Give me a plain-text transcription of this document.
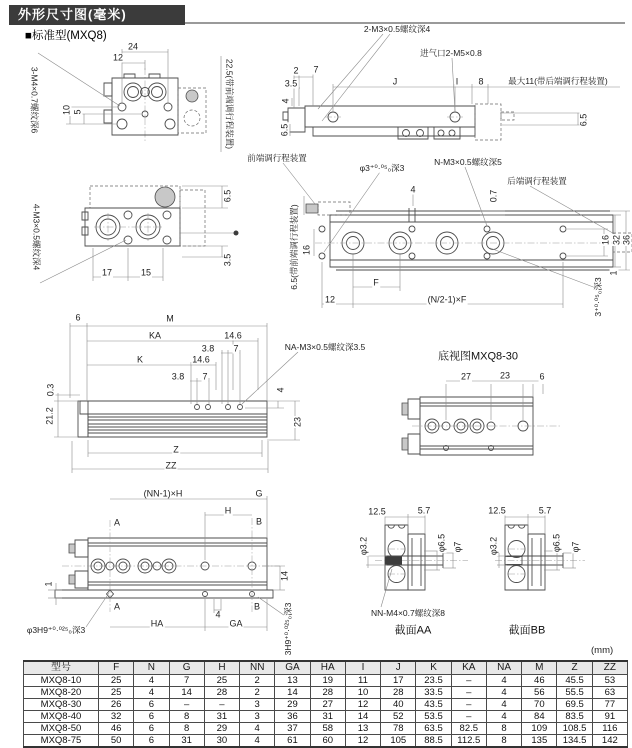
外形尺寸图(毫米)
■标准型(MXQ8)
24
12
10 5
3-M4×0.7螺纹深6	22.5(带前端调行程装置)
2-M3×0.5螺纹深4
进气口2-M5×0.8
2 7
3.5	J	I 8	最大11(带后端调行程装置)
4
6.5
6.5
4-M3×0.5螺纹深4
17	15
6.5
3.5
前端调行程装置
φ3⁺⁰·⁰⁵₀深3
N-M3×0.5螺纹深5
后端调行程装置
4
0.7
16
6.5(带前端调行程装置)	16 32 36
1
F
12	(N/2-1)×F	3⁺⁰·⁰⁵₀深3
6	M
KA	14.6
3.8 7
K	14.6
3.8 7
NA-M3×0.5螺纹深3.5
0.3
21.2
4
23
Z
ZZ
底视图MXQ8-30
27	23	6
(NN-1)×H	G
H
A	B
14
1
A	B
4
HA	GA
φ3H9⁺⁰·⁰²⁵₀深3	3H9⁺⁰·⁰²⁵₀深3
12.5	5.7
φ3.2	φ6.5 φ7
NN-M4×0.7螺纹深8
截面AA
12.5	5.7
φ3.2	φ6.5 φ7
截面BB
(mm)
型号	F	N	G	H	NN	GA	HA	I	J	K	KA	NA	M	Z	ZZ
MXQ8-10	25	4	7	25	2	13	19	11	17	23.5	–	4	46	45.5	53
MXQ8-20	25	4	14	28	2	14	28	10	28	33.5	–	4	56	55.5	63
MXQ8-30	26	6	–	–	3	29	27	12	40	43.5	–	4	70	69.5	77
MXQ8-40	32	6	8	31	3	36	31	14	52	53.5	–	4	84	83.5	91
MXQ8-50	46	6	8	29	4	37	58	13	78	63.5	82.5	8	109	108.5	116
MXQ8-75	50	6	31	30	4	61	60	12	105	88.5	112.5	8	135	134.5	142
